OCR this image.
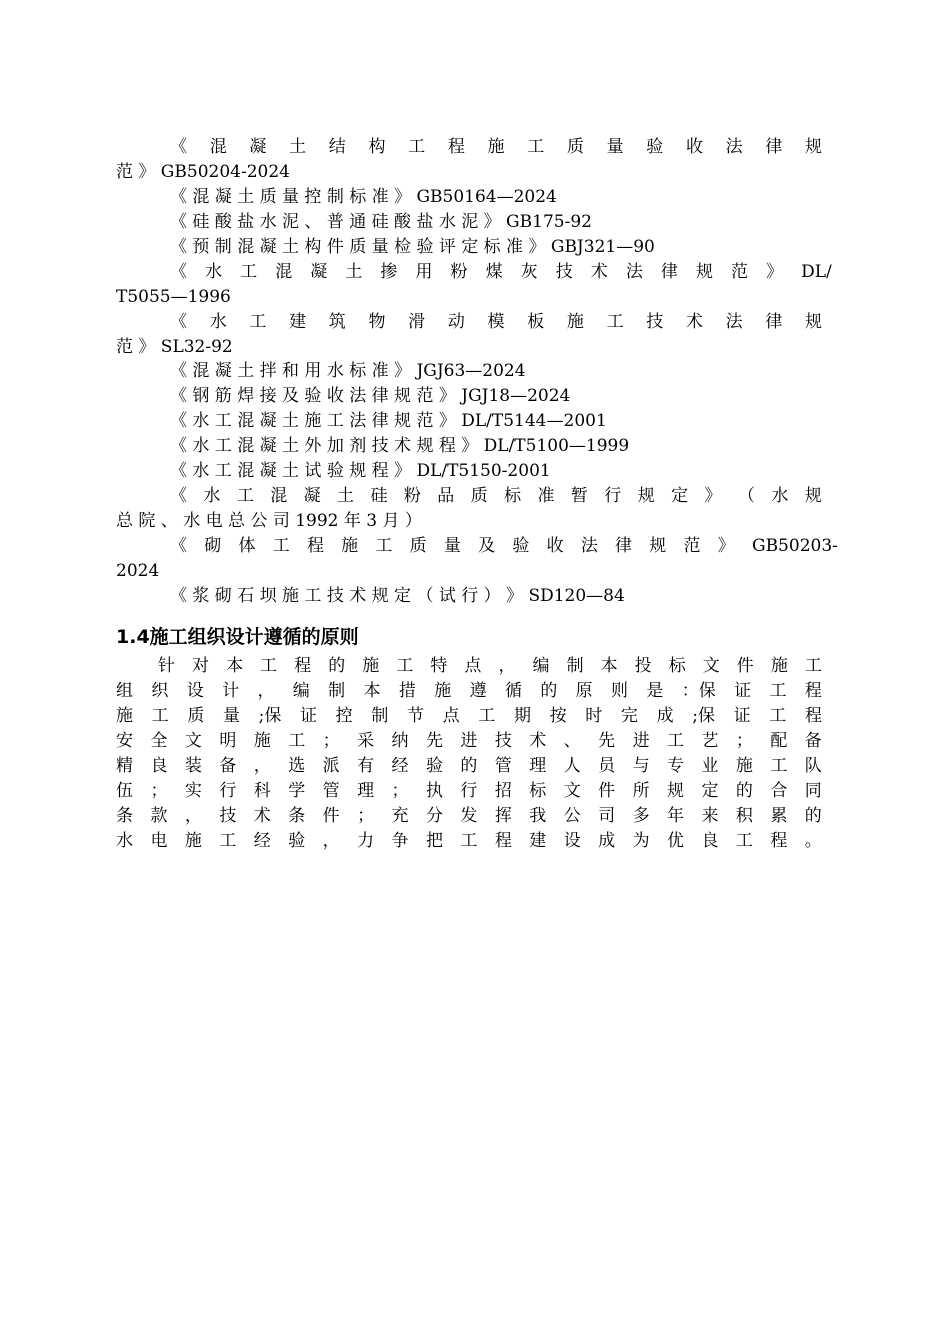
《 混 凝 土 结 构 工 程 施 工 质 量 验 收 法 律 规
范 》 GB50204-2024
《 混 凝 土 质 量 控 制 标 准 》 GB50164—2024
《 硅 酸 盐 水 泥 、 普 通 硅 酸 盐 水 泥 》 GB175-92
《 预 制 混 凝 土 构 件 质 量 检 验 评 定 标 准 》 GBJ321—90
《 水 工 混 凝 土 掺 用 粉 煤 灰 技 术 法 律 规 范 》 DL/
T5055—1996
《 水 工 建 筑 物 滑 动 模 板 施 工 技 术 法 律 规
范 》 SL32-92
《 混 凝 土 拌 和 用 水 标 准 》 JGJ63—2024
《 钢 筋 焊 接 及 验 收 法 律 规 范 》 JGJ18—2024
《 水 工 混 凝 土 施 工 法 律 规 范 》 DL/T5144—2001
《 水 工 混 凝 土 外 加 剂 技 术 规 程 》 DL/T5100—1999
《 水 工 混 凝 土 试 验 规 程 》 DL/T5150-2001
《 水 工 混 凝 土 硅 粉 品 质 标 准 暂 行 规 定 》 （ 水 规
总 院 、 水 电 总 公 司 1992 年 3 月 ）
《 砌 体 工 程 施 工 质 量 及 验 收 法 律 规 范 》 GB50203-
2024
《 浆 砌 石 坝 施 工 技 术 规 定 （ 试 行 ） 》 SD120—84
1.4施工组织设计遵循的原则
针 对 本 工 程 的 施 工 特 点 ， 编 制 本 投 标 文 件 施 工
组 织 设 计 ， 编 制 本 措 施 遵 循 的 原 则 是 ：保 证 工 程
施 工 质 量 ;保 证 控 制 节 点 工 期 按 时 完 成 ;保 证 工 程
安 全 文 明 施 工 ； 采 纳 先 进 技 术 、 先 进 工 艺 ； 配 备
精 良 装 备 ， 选 派 有 经 验 的 管 理 人 员 与 专 业 施 工 队
伍 ； 实 行 科 学 管 理 ； 执 行 招 标 文 件 所 规 定 的 合 同
条 款 ， 技 术 条 件 ； 充 分 发 挥 我 公 司 多 年 来 积 累 的
水 电 施 工 经 验 ， 力 争 把 工 程 建 设 成 为 优 良 工 程 。
